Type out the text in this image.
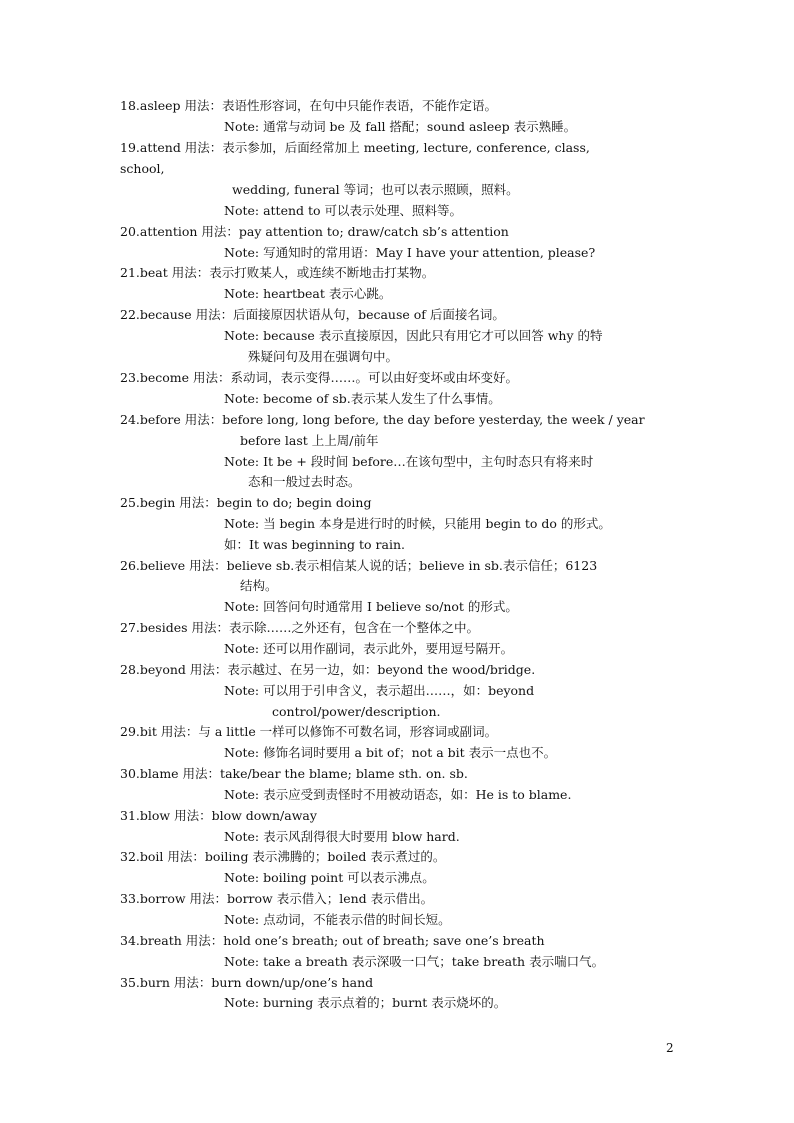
18.asleep 用法：表语性形容词，在句中只能作表语，不能作定语。
Note: 通常与动词 be 及 fall 搭配；sound asleep 表示熟睡。
19.attend 用法：表示参加，后面经常加上 meeting, lecture, conference, class,
school,
wedding, funeral 等词；也可以表示照顾，照料。
Note: attend to 可以表示处理、照料等。
20.attention 用法：pay attention to; draw/catch sb’s attention
Note: 写通知时的常用语：May I have your attention, please?
21.beat 用法：表示打败某人，或连续不断地击打某物。
Note: heartbeat 表示心跳。
22.because 用法：后面接原因状语从句，because of 后面接名词。
Note: because 表示直接原因，因此只有用它才可以回答 why 的特
殊疑问句及用在强调句中。
23.become 用法：系动词，表示变得……。可以由好变坏或由坏变好。
Note: become of sb.表示某人发生了什么事情。
24.before 用法：before long, long before, the day before yesterday, the week / year
before last 上上周/前年
Note: It be + 段时间 before…在该句型中，主句时态只有将来时
态和一般过去时态。
25.begin 用法：begin to do; begin doing
Note: 当 begin 本身是进行时的时候，只能用 begin to do 的形式。
如：It was beginning to rain.
26.believe 用法：believe sb.表示相信某人说的话；believe in sb.表示信任；6123
结构。
Note: 回答问句时通常用 I believe so/not 的形式。
27.besides 用法：表示除……之外还有，包含在一个整体之中。
Note: 还可以用作副词，表示此外，要用逗号隔开。
28.beyond 用法：表示越过、在另一边，如：beyond the wood/bridge.
Note: 可以用于引申含义，表示超出……，如：beyond
control/power/description.
29.bit 用法：与 a little 一样可以修饰不可数名词，形容词或副词。
Note: 修饰名词时要用 a bit of；not a bit 表示一点也不。
30.blame 用法：take/bear the blame; blame sth. on. sb.
Note: 表示应受到责怪时不用被动语态，如：He is to blame.
31.blow 用法：blow down/away
Note: 表示风刮得很大时要用 blow hard.
32.boil 用法：boiling 表示沸腾的；boiled 表示煮过的。
Note: boiling point 可以表示沸点。
33.borrow 用法：borrow 表示借入；lend 表示借出。
Note: 点动词，不能表示借的时间长短。
34.breath 用法：hold one’s breath; out of breath; save one’s breath
Note: take a breath 表示深吸一口气；take breath 表示喘口气。
35.burn 用法：burn down/up/one’s hand
Note: burning 表示点着的；burnt 表示烧坏的。
2
